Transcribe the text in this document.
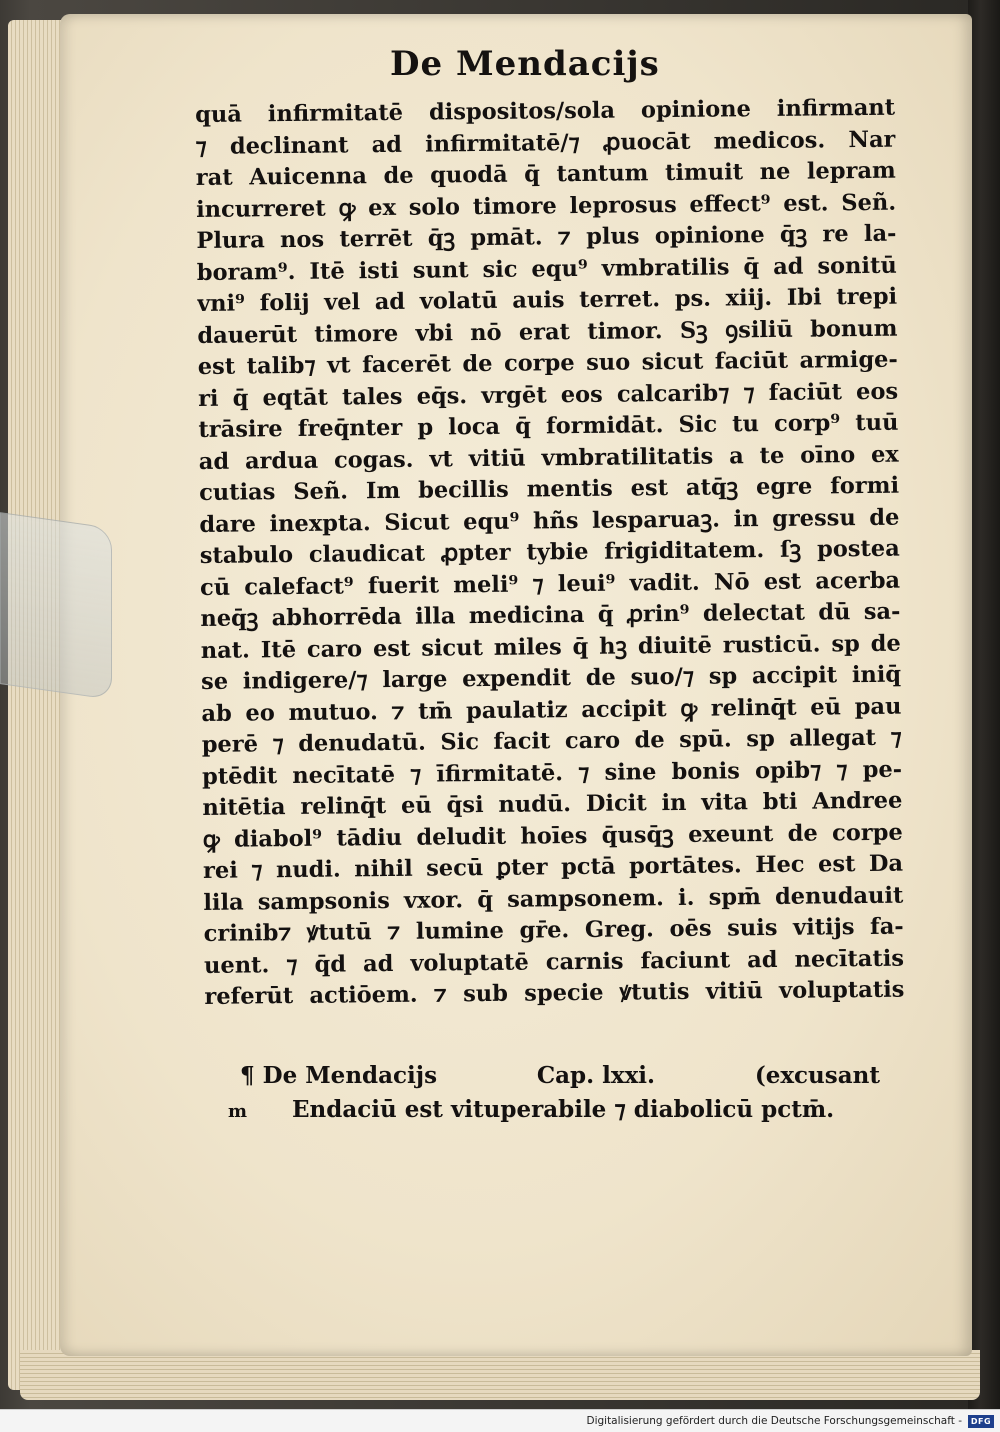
De Mendacijs
quā infirmitatē dispositos/sola opinione infirmant
⁊ declinant ad infirmitatē/⁊ ꝓuocāt medicos. Nar
rat Auicenna de quodā q̄ tantum timuit ne lepram
incurreret ꝙ ex solo timore leprosus effect⁹ est. Señ.
Plura nos terrēt q̄ꝫ pmāt. ⁊ plus opinione q̄ꝫ re la-
boram⁹. Itē isti sunt sic equ⁹ vmbratilis q̄ ad sonitū
vni⁹ folij vel ad volatū auis terret. ps. xiij. Ibi trepi
dauerūt timore vbi nō erat timor. Sꝫ ꝯsiliū bonum
est talib⁊ vt facerēt de corpe suo sicut faciūt armige-
ri q̄ eqtāt tales eq̄s. vrgēt eos calcarib⁊ ⁊ faciūt eos
trāsire freq̄nter p loca q̄ formidāt. Sic tu corp⁹ tuū
ad ardua cogas. vt vitiū vmbratilitatis a te oīno ex
cutias Señ. Im becillis mentis est atq̄ꝫ egre formi
dare inexpta. Sicut equ⁹ hñs lesparuaꝫ. in gressu de
stabulo claudicat ꝓpter tybie frigiditatem. ſꝫ postea
cū calefact⁹ fuerit meli⁹ ⁊ leui⁹ vadit. Nō est acerba
neq̄ꝫ abhorrēda illa medicina q̄ ꝓrin⁹ delectat dū sa-
nat. Itē caro est sicut miles q̄ hꝫ diuitē rusticū. sp de
se indigere/⁊ large expendit de suo/⁊ sp accipit iniq̄
ab eo mutuo. ⁊ tm̄ paulatiz accipit ꝙ relinq̄t eū pau
perē ⁊ denudatū. Sic facit caro de spū. sp allegat ⁊
ptēdit necītatē ⁊ īfirmitatē. ⁊ sine bonis opib⁊ ⁊ pe-
nitētia relinq̄t eū q̄si nudū. Dicit in vita bti Andree
ꝙ diabol⁹ tādiu deludit hoīes q̄usq̄ꝫ exeunt de corpe
rei ⁊ nudi. nihil secū ꝑter pctā portātes. Hec est Da
lila sampsonis vxor. q̄ sampsonem. i. spm̄ denudauit
crinib⁊ ꝟtutū ⁊ lumine gr̄e. Greg. oēs suis vitijs fa-
uent. ⁊ q̄d ad voluptatē carnis faciunt ad necītatis
referūt actiōem. ⁊ sub specie ꝟtutis vitiū voluptatis
¶ De Mendacijs	Cap. lxxi.	(excusant
m Endaciū est vituperabile ⁊ diabolicū pctm̄.
Digitalisierung gefördert durch die Deutsche Forschungsgemeinschaft -	DFG
